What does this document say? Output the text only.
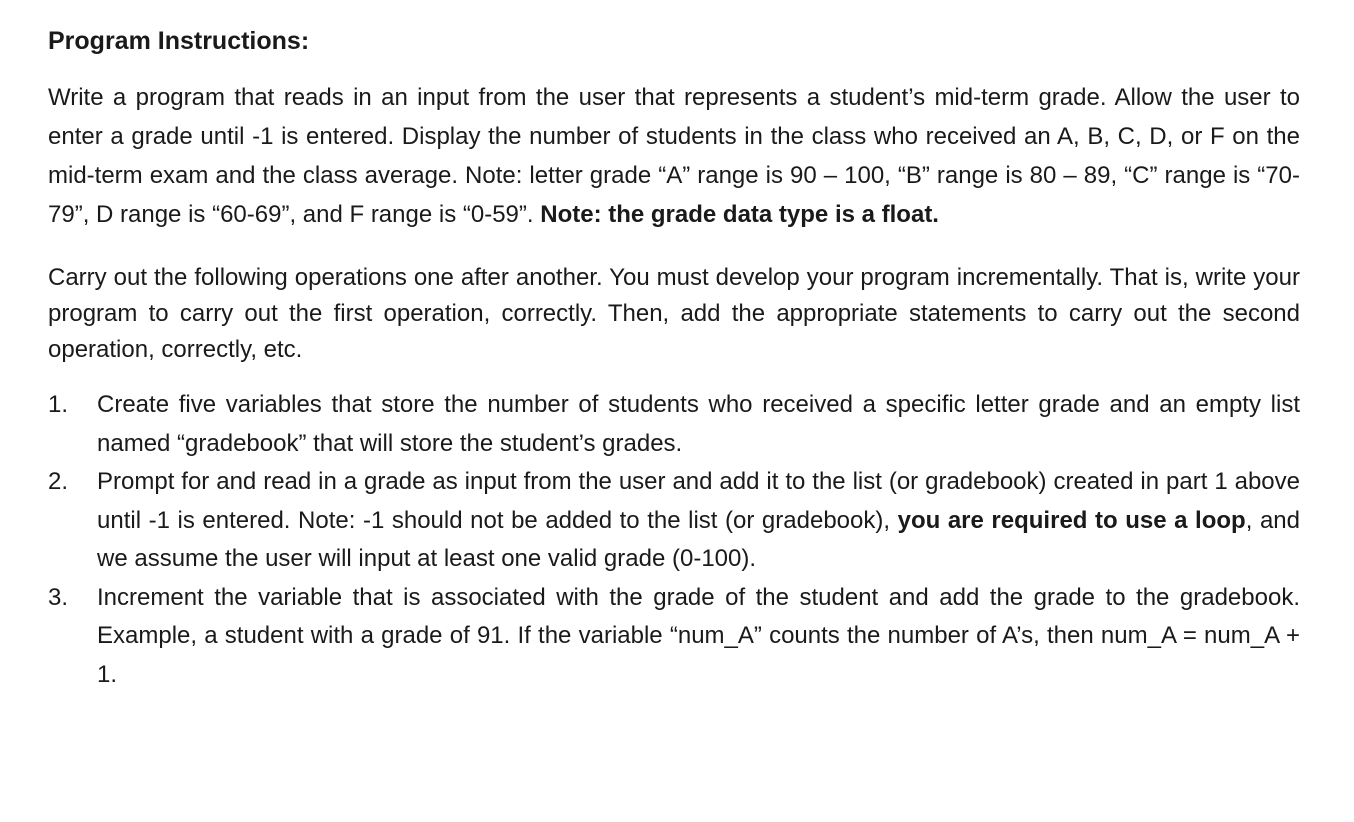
Program Instructions:

Write a program that reads in an input from the user that represents a student’s mid-term grade. Allow the user to enter a grade until -1 is entered. Display the number of students in the class who received an A, B, C, D, or F on the mid-term exam and the class average. Note: letter grade “A” range is 90 – 100, “B” range is 80 – 89, “C” range is “70-79”, D range is “60-69”, and F range is “0-59”. Note: the grade data type is a float.

Carry out the following operations one after another. You must develop your program incrementally. That is, write your program to carry out the first operation, correctly. Then, add the appropriate statements to carry out the second operation, correctly, etc.

1.	Create five variables that store the number of students who received a specific letter grade and an empty list named “gradebook” that will store the student’s grades.
2.	Prompt for and read in a grade as input from the user and add it to the list (or gradebook) created in part 1 above until -1 is entered. Note: -1 should not be added to the list (or gradebook), you are required to use a loop, and we assume the user will input at least one valid grade (0-100).
3.	Increment the variable that is associated with the grade of the student and add the grade to the gradebook. Example, a student with a grade of 91. If the variable “num_A” counts the number of A’s, then num_A = num_A + 1.
